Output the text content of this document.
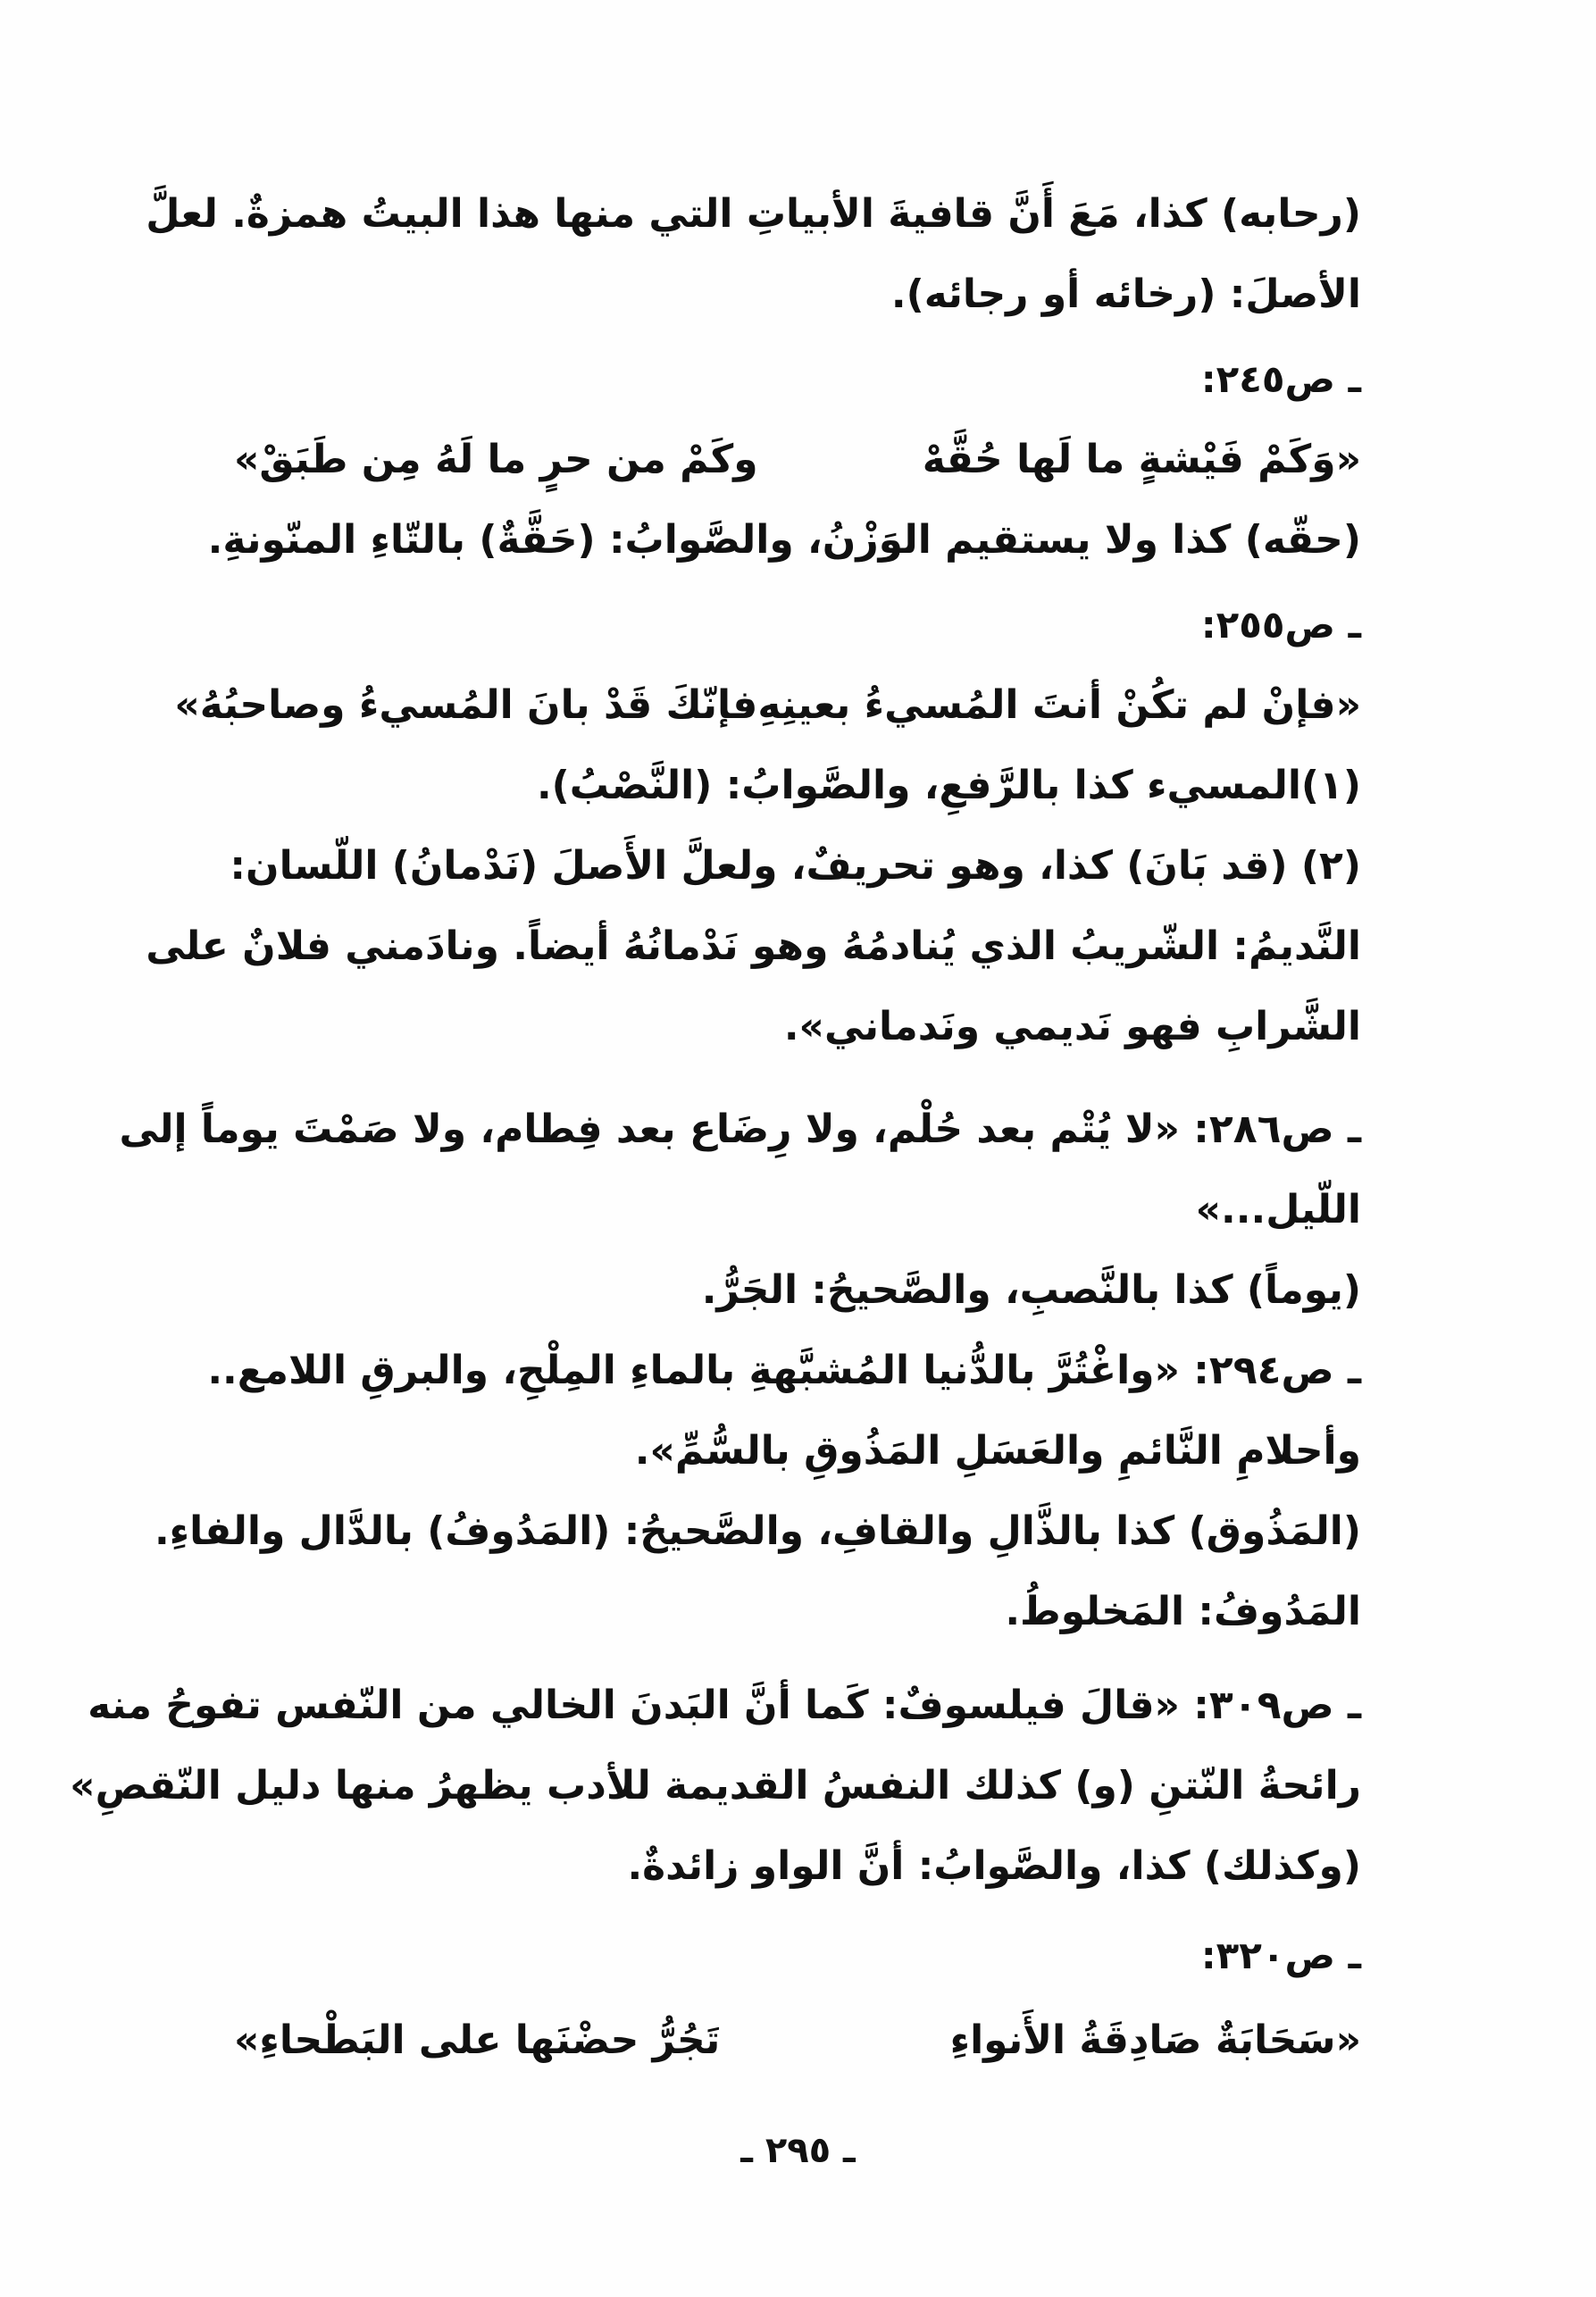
(رحابه) كذا، مَعَ أَنَّ قافيةَ الأبياتِ التي منها هذا البيتُ همزةٌ. لعلَّ
الأصلَ: (رخائه أو رجائه).
ـ ص٢٤٥:
«وَكَمْ فَيْشةٍ ما لَها حُقَّهْ
وكَمْ من حرٍ ما لَهُ مِن طَبَقْ»
(حقّه) كذا ولا يستقيم الوَزْنُ، والصَّوابُ: (حَقَّةٌ) بالتّاءِ المنّونةِ.
ـ ص٢٥٥:
«فإنْ لم تكُنْ أنتَ المُسيءُ بعينِهِ
فإنّكَ قَدْ بانَ المُسيءُ وصاحبُهُ»
(١)المسيء كذا بالرَّفعِ، والصَّوابُ: (النَّصْبُ).
(٢) (قد بَانَ) كذا، وهو تحريفٌ، ولعلَّ الأَصلَ (نَدْمانُ) اللّسان:
النَّديمُ: الشّريبُ الذي يُنادمُهُ وهو نَدْمانُهُ أيضاً. ونادَمني فلانٌ على
الشَّرابِ فهو نَديمي ونَدماني».
ـ ص٢٨٦: «لا يُتْم بعد حُلْم، ولا رِضَاع بعد فِطام، ولا صَمْتَ يوماً إلى
اللّيل...»
(يوماً) كذا بالنَّصبِ، والصَّحيحُ: الجَرُّ.
ـ ص٢٩٤: «واغْتُرَّ بالدُّنيا المُشبَّهةِ بالماءِ المِلْحِ، والبرقِ اللامع..
وأحلامِ النَّائمِ والعَسَلِ المَذُوقِ بالسُّمِّ».
(المَذُوق) كذا بالذَّالِ والقافِ، والصَّحيحُ: (المَدُوفُ) بالدَّال والفاءِ.
المَدُوفُ: المَخلوطُ.
ـ ص٣٠٩: «قالَ فيلسوفٌ: كَما أنَّ البَدنَ الخالي من النّفس تفوحُ منه
رائحةُ النّتنِ (و) كذلك النفسُ القديمة للأدب يظهرُ منها دليل النّقصِ»
(وكذلك) كذا، والصَّوابُ: أنَّ الواو زائدةٌ.
ـ ص٣٢٠:
«سَحَابَةٌ صَادِقَةُ الأَنواءِ
تَجُرُّ حضْنَها على البَطْحاءِ»
ـ ٢٩٥ ـ
